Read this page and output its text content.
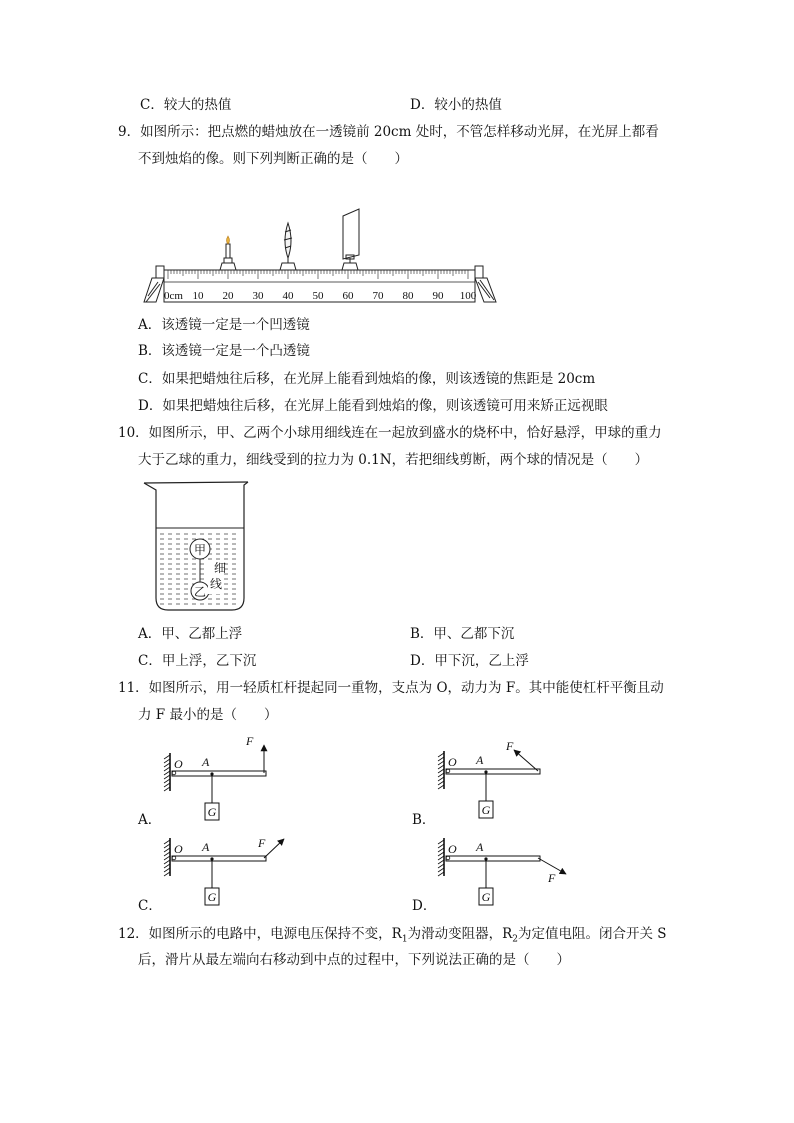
C．较大的热值	D．较小的热值
9．如图所示：把点燃的蜡烛放在一透镜前 20cm 处时，不管怎样移动光屏，在光屏上都看
不到烛焰的像。则下列判断正确的是（　　）
0cm 10 20 30 40 50 60 70 80 90 100
A．该透镜一定是一个凹透镜
B．该透镜一定是一个凸透镜
C．如果把蜡烛往后移，在光屏上能看到烛焰的像，则该透镜的焦距是 20cm
D．如果把蜡烛往后移，在光屏上能看到烛焰的像，则该透镜可用来矫正远视眼
10．如图所示，甲、乙两个小球用细线连在一起放到盛水的烧杯中，恰好悬浮，甲球的重力
大于乙球的重力，细线受到的拉力为 0.1N，若把细线剪断，两个球的情况是（　　）
甲
乙
细
线
A．甲、乙都上浮	B．甲、乙都下沉
C．甲上浮，乙下沉	D．甲下沉，乙上浮
11．如图所示，用一轻质杠杆提起同一重物，支点为 O，动力为 F。其中能使杠杆平衡且动
力 F 最小的是（　　）
O A
G
F
O A
G
F
O A
G
F	O A
G
F
A．	B．
C．	D．
12．如图所示的电路中，电源电压保持不变，$R_1$为滑动变阻器，$R_2$为定值电阻。闭合开关 S
后，滑片从最左端向右移动到中点的过程中，下列说法正确的是（　　）
